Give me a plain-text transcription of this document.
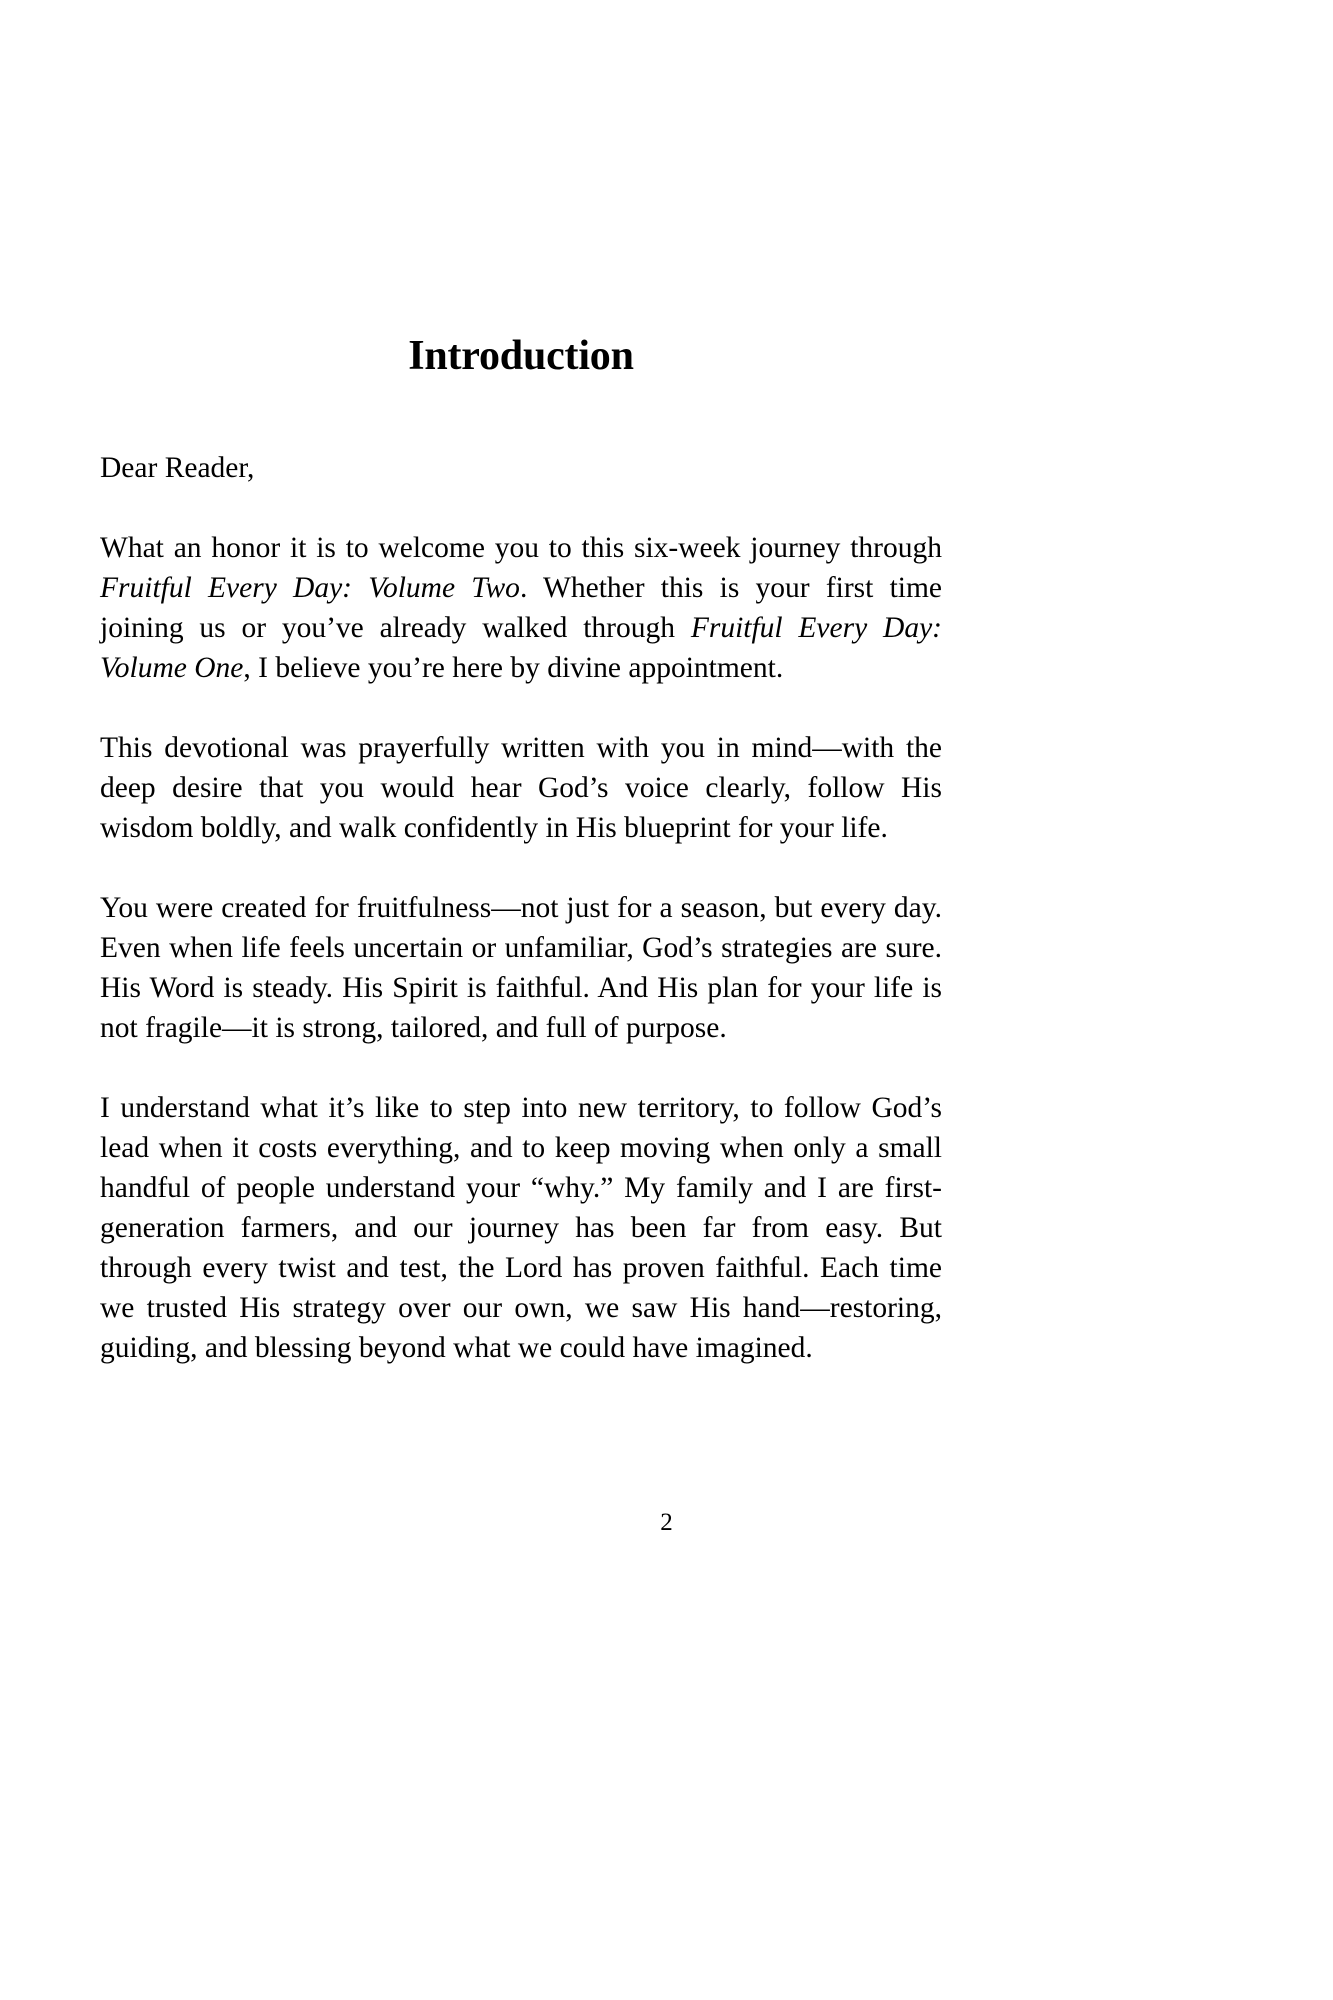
Introduction

Dear Reader,

What an honor it is to welcome you to this six-week journey through Fruitful Every Day: Volume Two. Whether this is your first time joining us or you’ve already walked through Fruitful Every Day: Volume One, I believe you’re here by divine appointment.

This devotional was prayerfully written with you in mind—with the deep desire that you would hear God’s voice clearly, follow His wisdom boldly, and walk confidently in His blueprint for your life.

You were created for fruitfulness—not just for a season, but every day. Even when life feels uncertain or unfamiliar, God’s strategies are sure. His Word is steady. His Spirit is faithful. And His plan for your life is not fragile—it is strong, tailored, and full of purpose.

I understand what it’s like to step into new territory, to follow God’s lead when it costs everything, and to keep moving when only a small handful of people understand your “why.” My family and I are first-generation farmers, and our journey has been far from easy. But through every twist and test, the Lord has proven faithful. Each time we trusted His strategy over our own, we saw His hand—restoring, guiding, and blessing beyond what we could have imagined.

2
